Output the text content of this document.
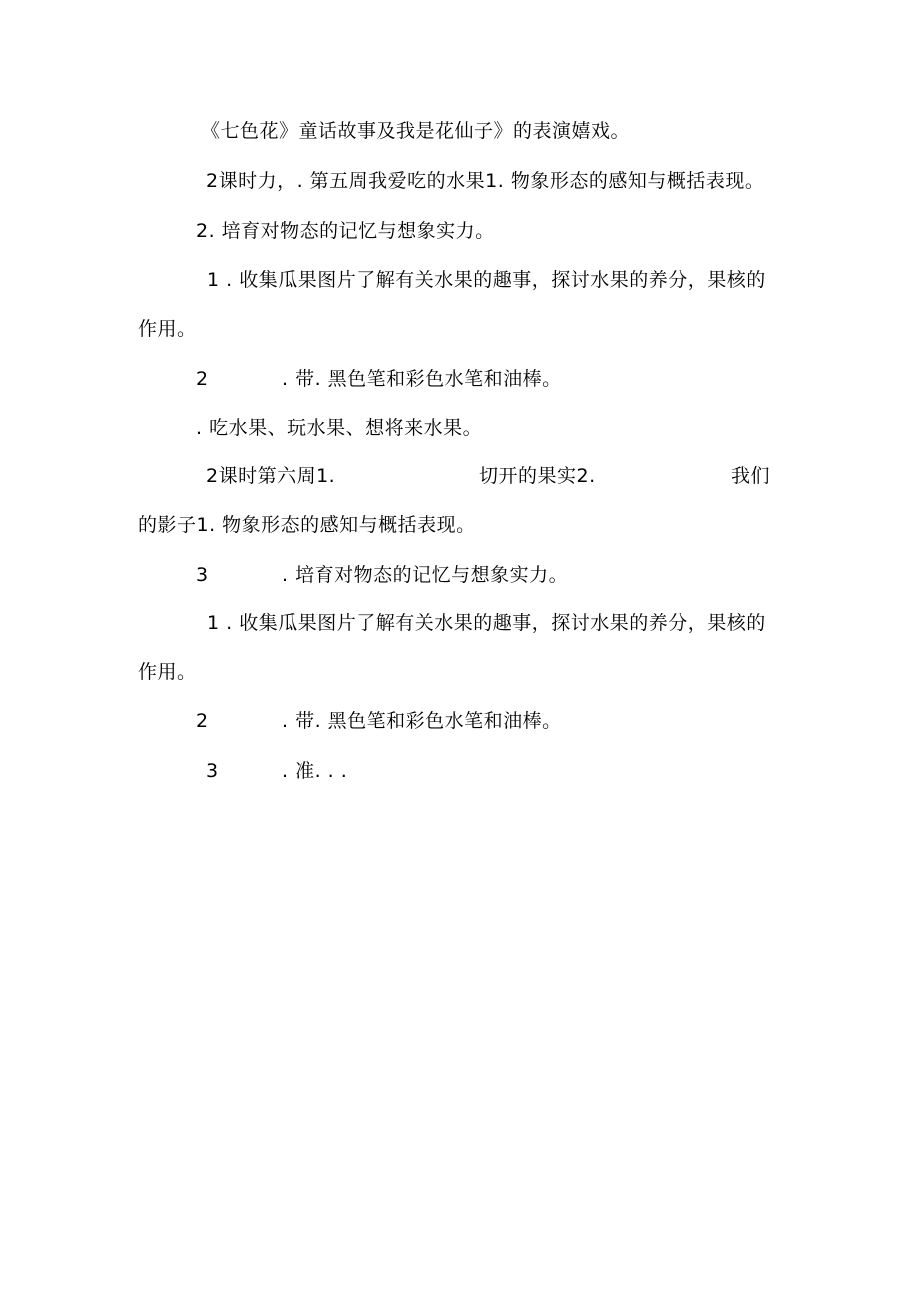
《七色花》童话故事及我是花仙子》的表演嬉戏。
2课时力，. 第五周我爱吃的水果1. 物象形态的感知与概括表现。
2. 培育对物态的记忆与想象实力。
1 . 收集瓜果图片了解有关水果的趣事，探讨水果的养分，果核的
作用。
2	. 带. 黑色笔和彩色水笔和油棒。
. 吃水果、玩水果、想将来水果。
2课时第六周1.	切开的果实2.	我们
的影子1. 物象形态的感知与概括表现。
3	. 培育对物态的记忆与想象实力。
1 . 收集瓜果图片了解有关水果的趣事，探讨水果的养分，果核的
作用。
2	. 带. 黑色笔和彩色水笔和油棒。
3	. 准. . .
